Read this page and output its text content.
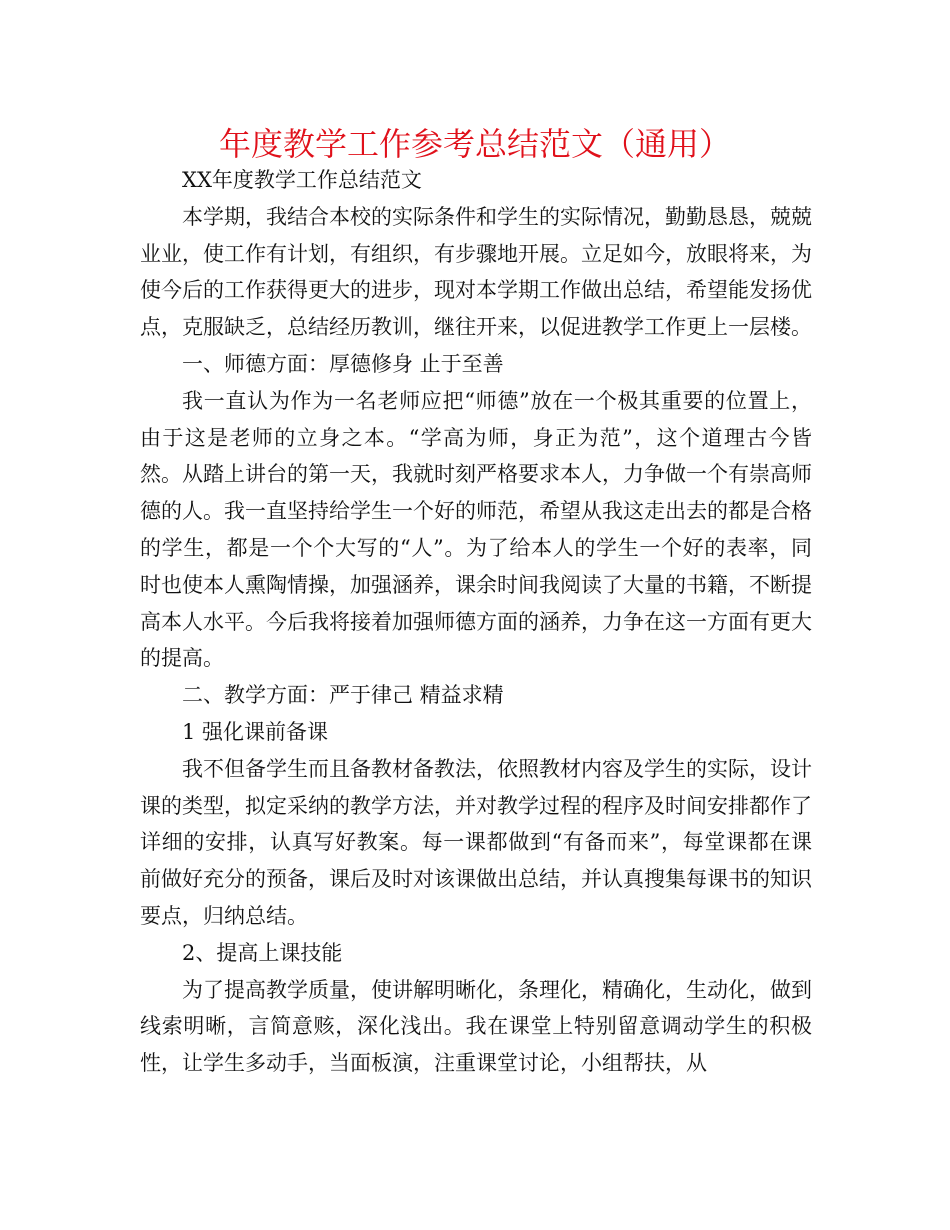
年度教学工作参考总结范文（通用）

XX年度教学工作总结范文

本学期，我结合本校的实际条件和学生的实际情况，勤勤恳恳，兢兢业业，使工作有计划，有组织，有步骤地开展。立足如今，放眼将来，为使今后的工作获得更大的进步，现对本学期工作做出总结，希望能发扬优点，克服缺乏，总结经历教训，继往开来，以促进教学工作更上一层楼。

一、师德方面：厚德修身 止于至善

我一直认为作为一名老师应把“师德”放在一个极其重要的位置上，由于这是老师的立身之本。“学高为师，身正为范”，这个道理古今皆然。从踏上讲台的第一天，我就时刻严格要求本人，力争做一个有崇高师德的人。我一直坚持给学生一个好的师范，希望从我这走出去的都是合格的学生，都是一个个大写的“人”。为了给本人的学生一个好的表率，同时也使本人熏陶情操，加强涵养，课余时间我阅读了大量的书籍，不断提高本人水平。今后我将接着加强师德方面的涵养，力争在这一方面有更大的提高。

二、教学方面：严于律己 精益求精

1 强化课前备课

我不但备学生而且备教材备教法，依照教材内容及学生的实际，设计课的类型，拟定采纳的教学方法，并对教学过程的程序及时间安排都作了详细的安排，认真写好教案。每一课都做到“有备而来”，每堂课都在课前做好充分的预备，课后及时对该课做出总结，并认真搜集每课书的知识要点，归纳总结。

2、提高上课技能

为了提高教学质量，使讲解明晰化，条理化，精确化，生动化，做到线索明晰，言简意赅，深化浅出。我在课堂上特别留意调动学生的积极性，让学生多动手，当面板演，注重课堂讨论，小组帮扶，从
